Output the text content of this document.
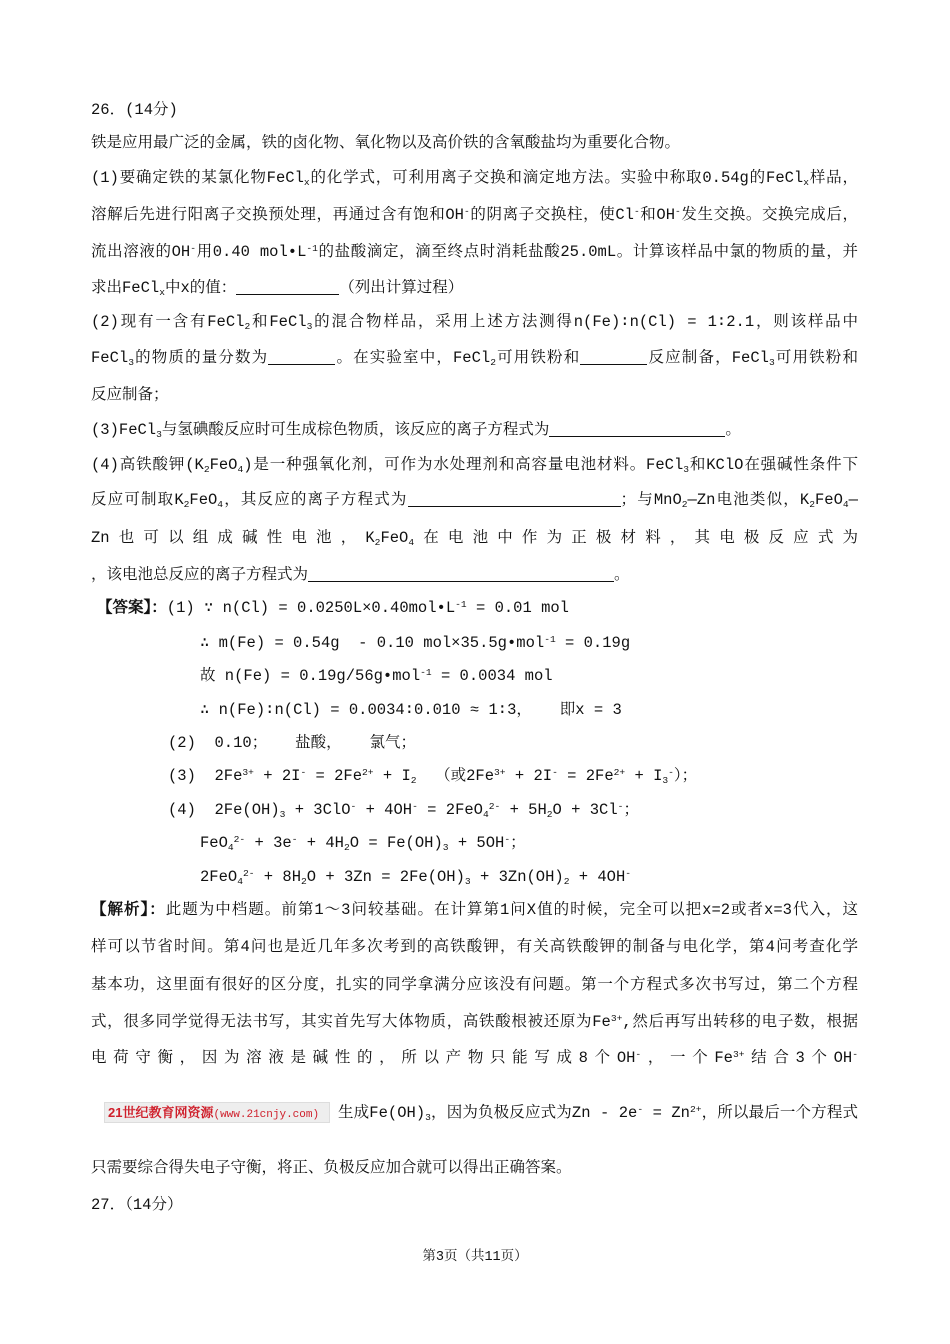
26．(14分)
铁是应用最广泛的金属，铁的卤化物、氧化物以及高价铁的含氧酸盐均为重要化合物。
(1)要确定铁的某氯化物FeCl$_x$的化学式，可利用离子交换和滴定地方法。实验中称取0.54g的FeCl$_x$样品，
溶解后先进行阳离子交换预处理，再通过含有饱和OH-的阴离子交换柱，使Cl-和OH-发生交换。交换完成后，
流出溶液的OH-用0.40 $mol•L^{-1}$的盐酸滴定，滴至终点时消耗盐酸25.0mL。计算该样品中氯的物质的量，并
求出FeCl$_x$中x的值：	（列出计算过程）
(2)现有一含有FeCl$_2$和FeCl$_3$的混合物样品，采用上述方法测得n(Fe)∶n(Cl) = 1∶2.1，则该样品中
FeCl$_3$的物质的量分数为	。在实验室中，FeCl$_2$可用铁粉和	反应制备，FeCl$_3$可用铁粉和
反应制备；
(3)FeCl$_3$与氢碘酸反应时可生成棕色物质，该反应的离子方程式为	。
(4)高铁酸钾$(K_2FeO_4)$是一种强氧化剂，可作为水处理剂和高容量电池材料。FeCl$_3$和KClO在强碱性条件下
反应可制取$K_2FeO_4$，其反应的离子方程式为	；与MnO$_2$—Zn电池类似，$K_2FeO_4—$
Zn也可以组成碱性电池，$K_2FeO_4$在电池中作为正极材料，其电极反应式为
，该电池总反应的离子方程式为	。
【答案】：(1) ∵ $n(Cl) = 0.0250L\times 0.40mol•L^{-1} = 0.01$ mol
∴ m(Fe) = 0.54g  - 0.10 mol×35.5g•mol$^{-1}$ = 0.19g
故 n(Fe) = 0.19g/56g•mol$^{-1}$ = 0.0034 mol
∴ n(Fe)∶n(Cl) = 0.0034∶0.010 ≈ 1∶3，   即x = 3
(2)  0.10；   盐酸，   氯气；
(3)  $2Fe^{3+} + 2I^- = 2Fe^{2+} + I_2$  （或$2Fe^{3+} + 2I^- = 2Fe^{2+} + I_3^-$）；
(4)  $2Fe(OH)_3 + 3ClO^- + 4OH^- = 2FeO_4^{2-} + 5H_2O + 3Cl^-$；
$FeO_4^{2-} + 3e^- + 4H_2O = Fe(OH)_3 + 5OH^-$；
$2FeO_4^{2-} + 8H_2O + 3Zn = 2Fe(OH)_3 + 3Zn(OH)_2 + 4OH^-$
【解析】：此题为中档题。前第1～3问较基础。在计算第1问X值的时候，完全可以把x=2或者x=3代入，这
样可以节省时间。第4问也是近几年多次考到的高铁酸钾，有关高铁酸钾的制备与电化学，第4问考查化学
基本功，这里面有很好的区分度，扎实的同学拿满分应该没有问题。第一个方程式多次书写过，第二个方程
式，很多同学觉得无法书写，其实首先写大体物质，高铁酸根被还原为$Fe^{3+}$,然后再写出转移的电子数，根据
电荷守衡，因为溶液是碱性的，所以产物只能写成8个OH-，一个$Fe^{3+}$结合3个OH-
21世纪教育网资源(www.21cnjy.com)	生成$Fe(OH)_3$，因为负极反应式为$Zn - 2e^- = Zn^{2+}$，所以最后一个方程式
只需要综合得失电子守衡，将正、负极反应加合就可以得出正确答案。
27．（14分）
第3页（共11页）
